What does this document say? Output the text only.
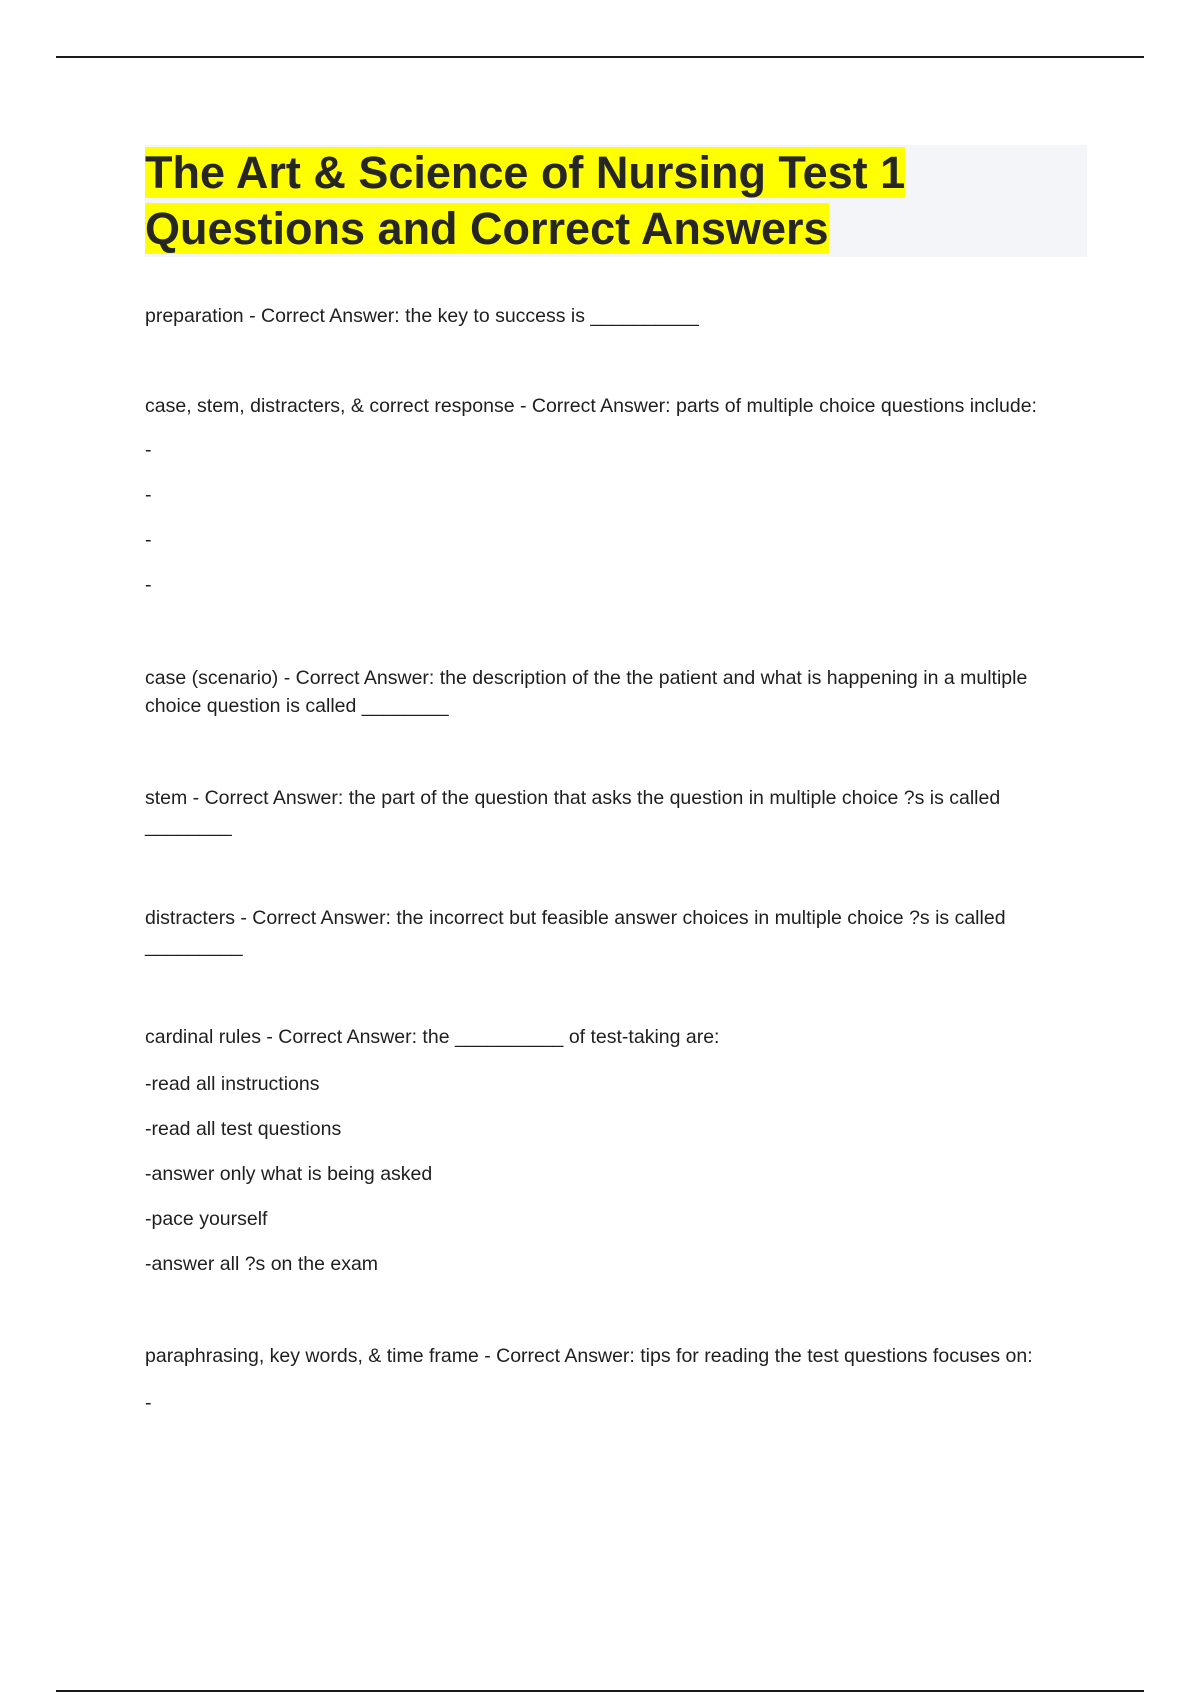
The Art & Science of Nursing Test 1
Questions and Correct Answers
preparation - Correct Answer: the key to success is __________
case, stem, distracters, & correct response - Correct Answer: parts of multiple choice questions include:
-
-
-
-
case (scenario) - Correct Answer: the description of the the patient and what is happening in a multiple choice question is called ________
stem - Correct Answer: the part of the question that asks the question in multiple choice ?s is called ________
distracters - Correct Answer: the incorrect but feasible answer choices in multiple choice ?s is called _________
cardinal rules - Correct Answer: the __________ of test-taking are:
-read all instructions
-read all test questions
-answer only what is being asked
-pace yourself
-answer all ?s on the exam
paraphrasing, key words, & time frame - Correct Answer: tips for reading the test questions focuses on:
-
